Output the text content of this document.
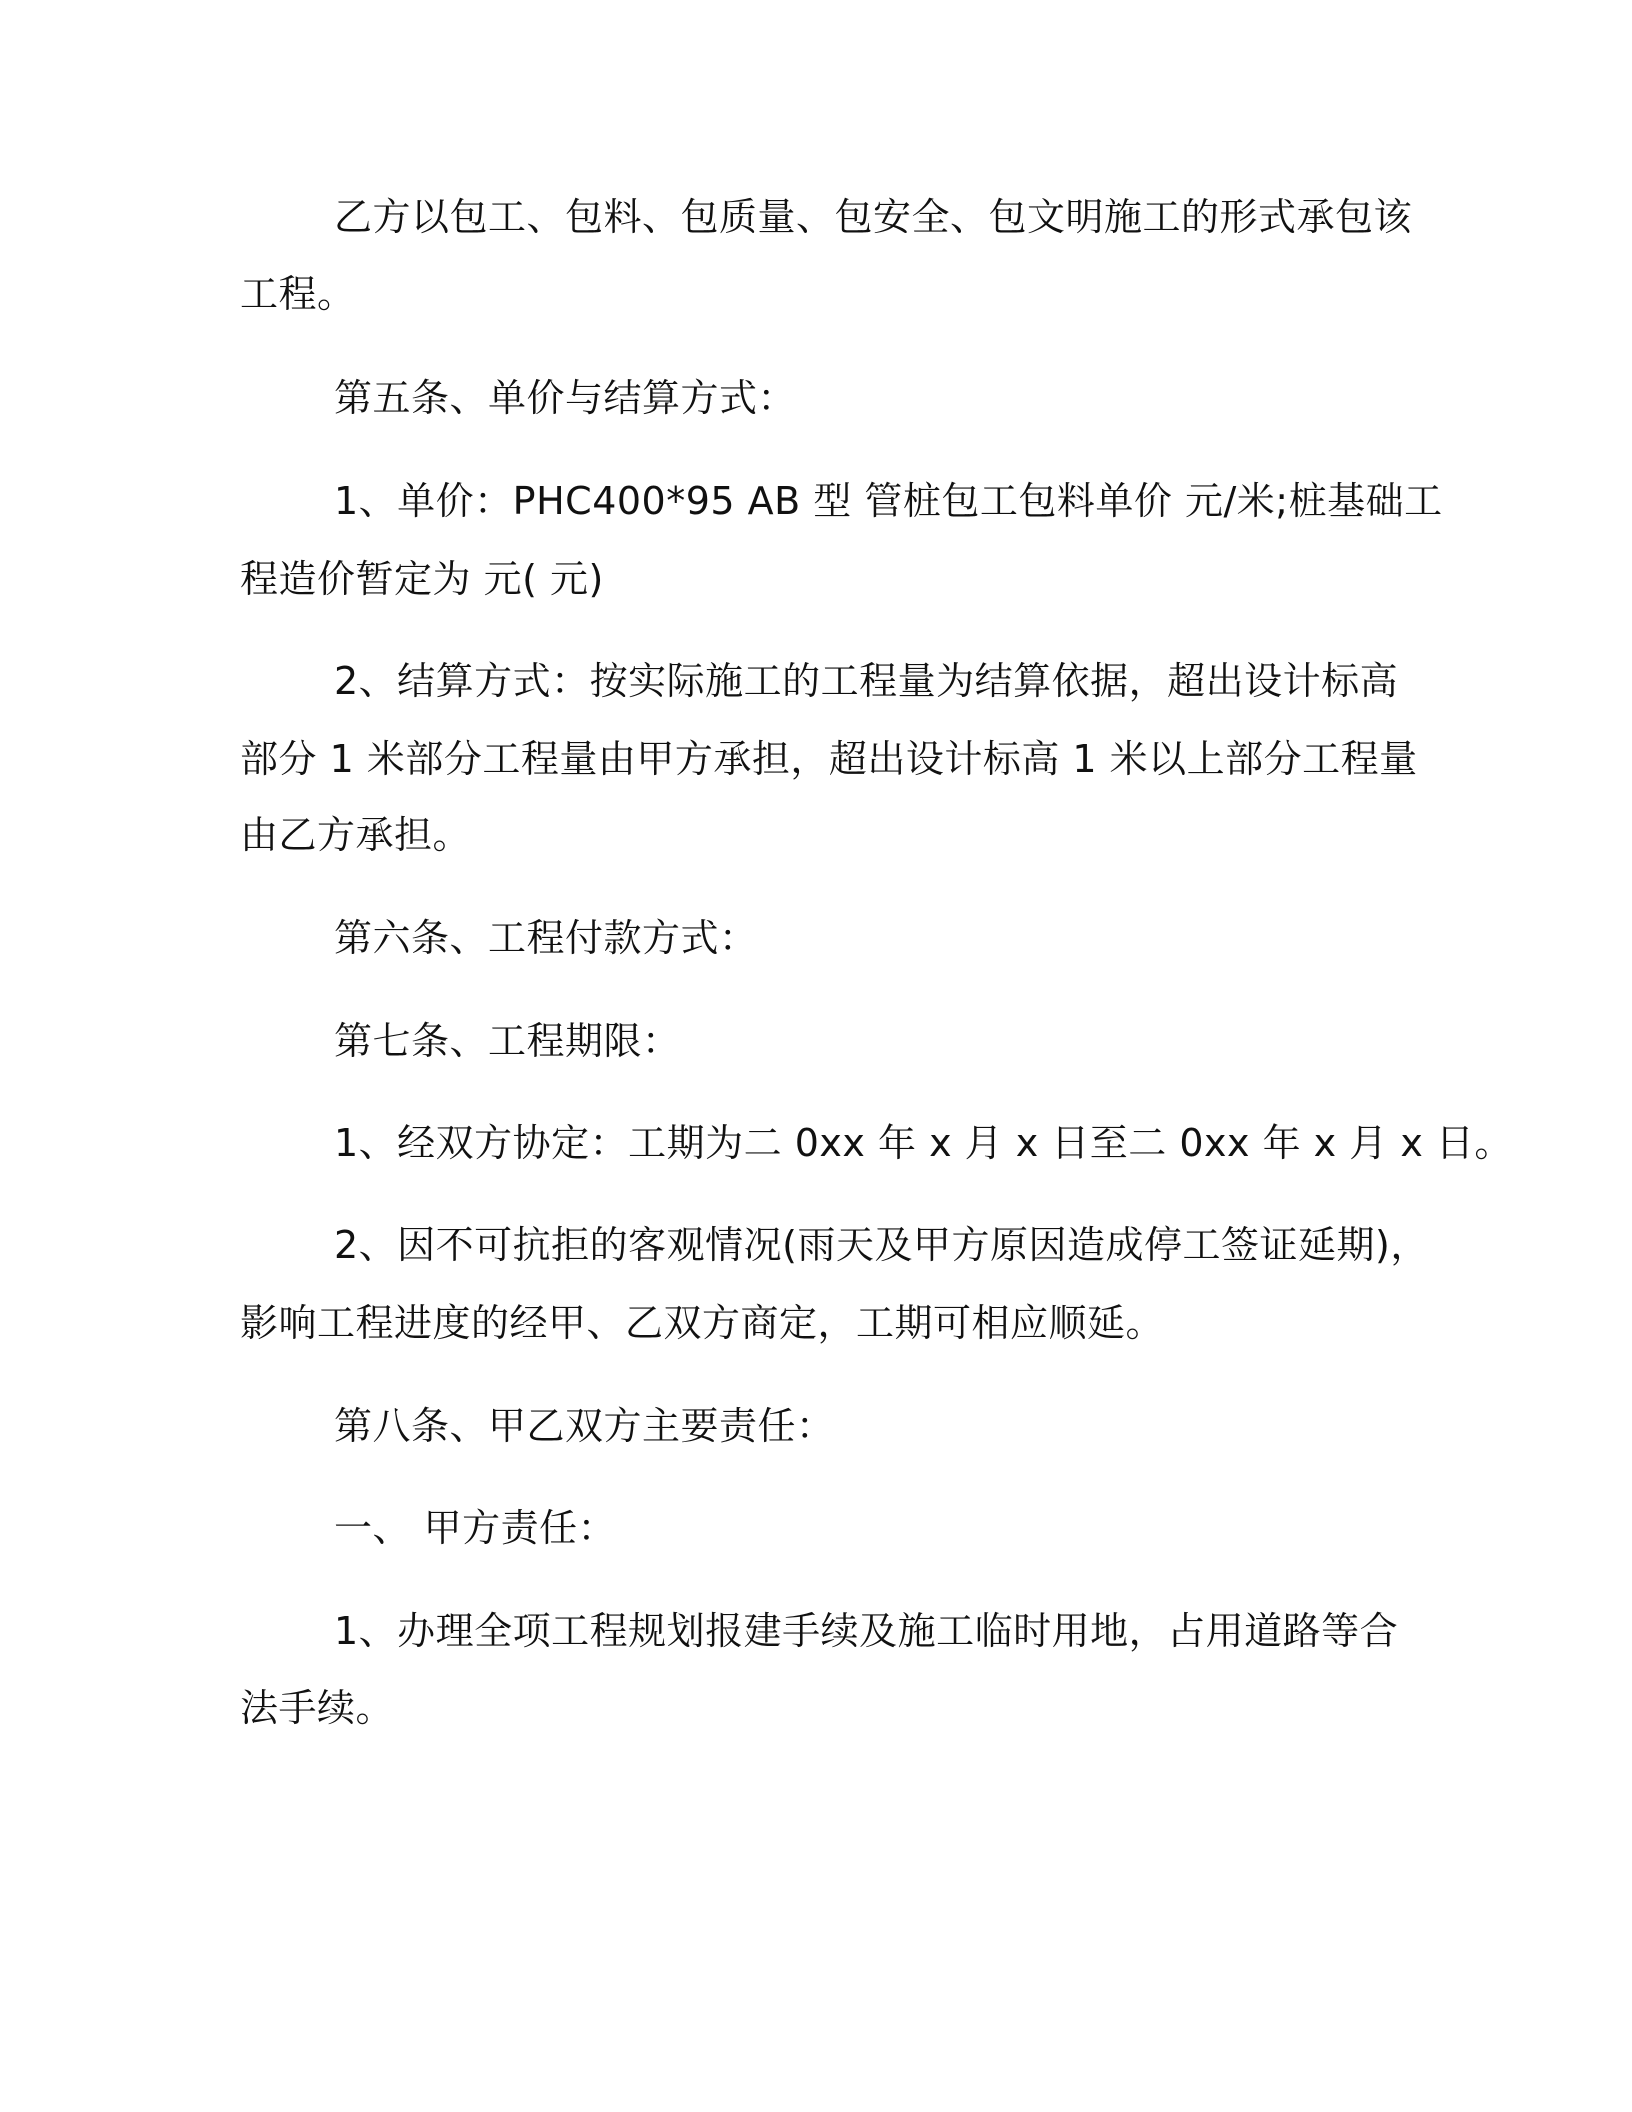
乙方以包工、包料、包质量、包安全、包文明施工的形式承包该

工程。

第五条、单价与结算方式：

1、单价：PHC400*95 AB 型 管桩包工包料单价 元/米;桩基础工

程造价暂定为 元( 元)

2、结算方式：按实际施工的工程量为结算依据，超出设计标高

部分 1 米部分工程量由甲方承担，超出设计标高 1 米以上部分工程量

由乙方承担。

第六条、工程付款方式：

第七条、工程期限：

1、经双方协定：工期为二 0xx 年 x 月 x 日至二 0xx 年 x 月 x 日。

2、因不可抗拒的客观情况(雨天及甲方原因造成停工签证延期)，

影响工程进度的经甲、乙双方商定，工期可相应顺延。

第八条、甲乙双方主要责任：

一、 甲方责任：

1、办理全项工程规划报建手续及施工临时用地，占用道路等合

法手续。
